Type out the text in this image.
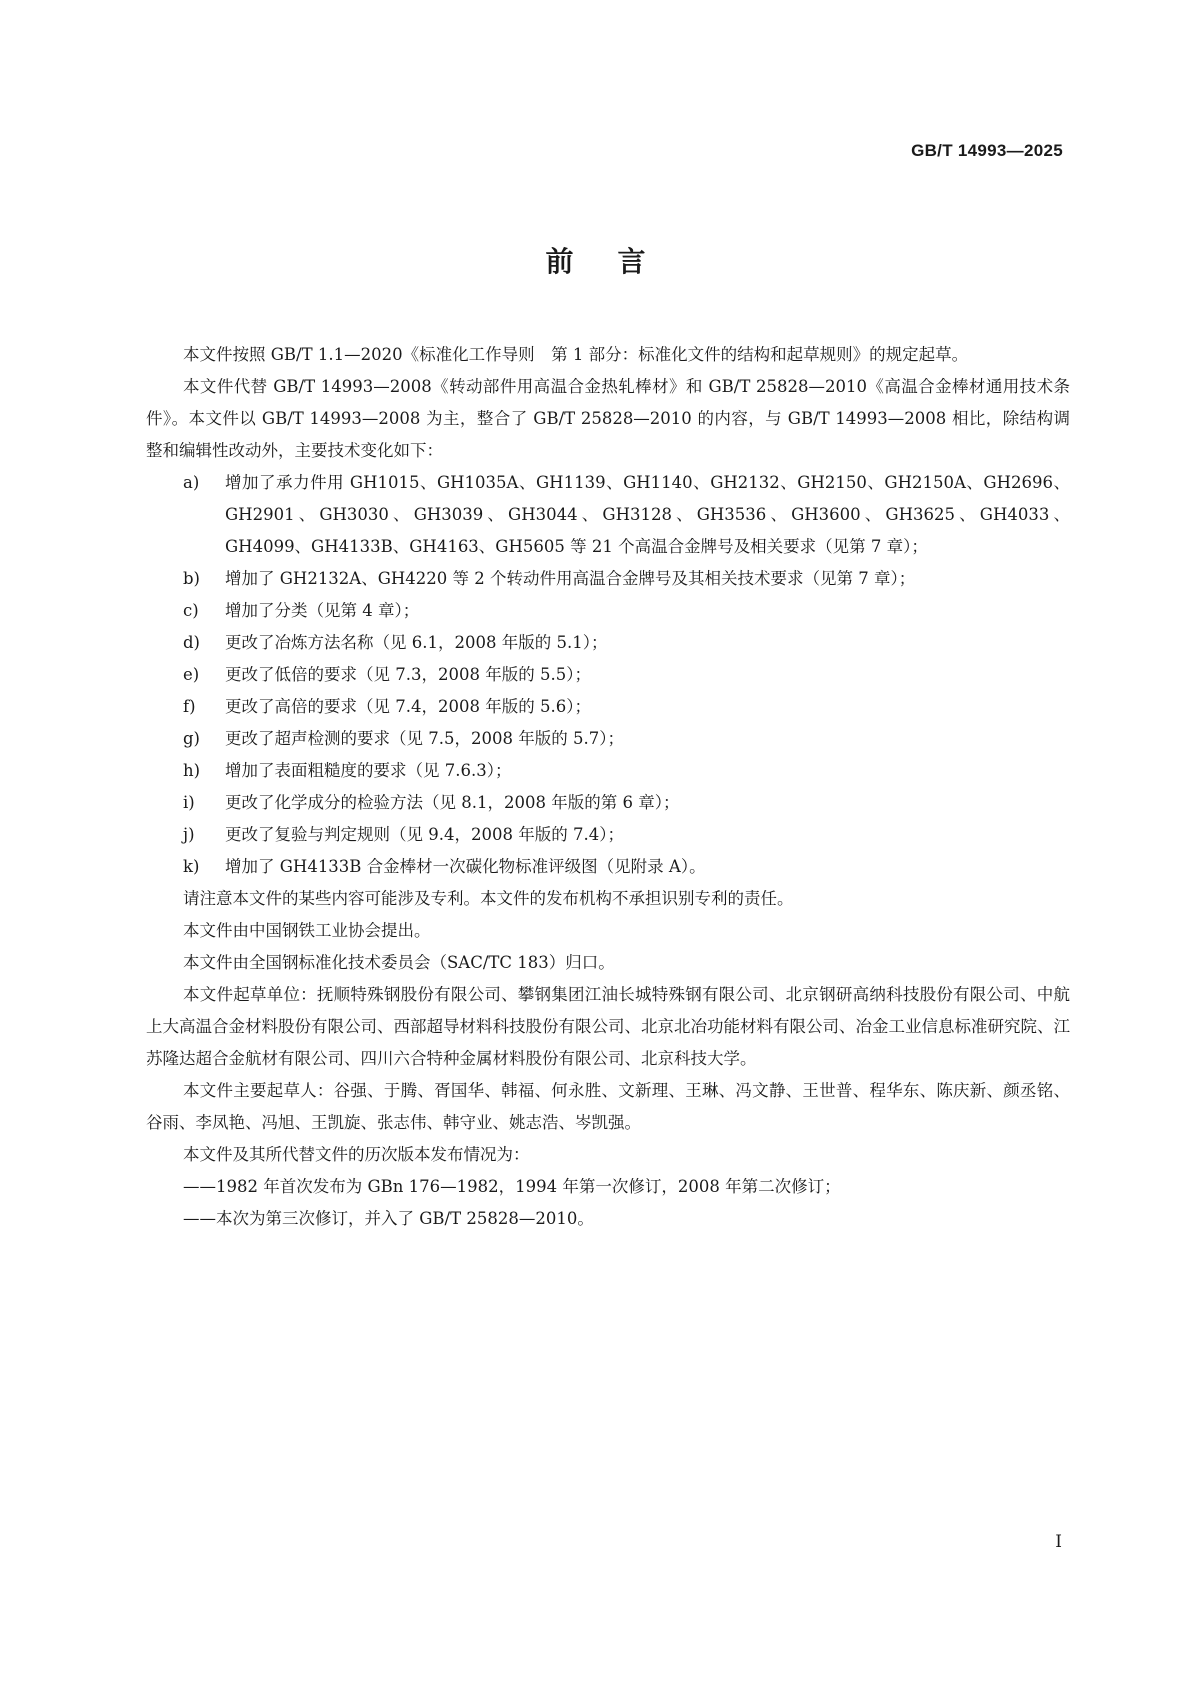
GB/T 14993—2025
前言

本文件按照 GB/T 1.1—2020《标准化工作导则　第 1 部分：标准化文件的结构和起草规则》的规定起草。

本文件代替 GB/T 14993—2008《转动部件用高温合金热轧棒材》和 GB/T 25828—2010《高温合金棒材通用技术条件》。本文件以 GB/T 14993—2008 为主，整合了 GB/T 25828—2010 的内容，与 GB/T 14993—2008 相比，除结构调整和编辑性改动外，主要技术变化如下：

a) 增加了承力件用 GH1015、GH1035A、GH1139、GH1140、GH2132、GH2150、GH2150A、GH2696、GH2901、GH3030、GH3039、GH3044、GH3128、GH3536、GH3600、GH3625、GH4033、GH4099、GH4133B、GH4163、GH5605 等 21 个高温合金牌号及相关要求（见第 7 章）；
b) 增加了 GH2132A、GH4220 等 2 个转动件用高温合金牌号及其相关技术要求（见第 7 章）；
c) 增加了分类（见第 4 章）；
d) 更改了冶炼方法名称（见 6.1，2008 年版的 5.1）；
e) 更改了低倍的要求（见 7.3，2008 年版的 5.5）；
f) 更改了高倍的要求（见 7.4，2008 年版的 5.6）；
g) 更改了超声检测的要求（见 7.5，2008 年版的 5.7）；
h) 增加了表面粗糙度的要求（见 7.6.3）；
i) 更改了化学成分的检验方法（见 8.1，2008 年版的第 6 章）；
j) 更改了复验与判定规则（见 9.4，2008 年版的 7.4）；
k) 增加了 GH4133B 合金棒材一次碳化物标准评级图（见附录 A）。

请注意本文件的某些内容可能涉及专利。本文件的发布机构不承担识别专利的责任。

本文件由中国钢铁工业协会提出。

本文件由全国钢标准化技术委员会（SAC/TC 183）归口。

本文件起草单位：抚顺特殊钢股份有限公司、攀钢集团江油长城特殊钢有限公司、北京钢研高纳科技股份有限公司、中航上大高温合金材料股份有限公司、西部超导材料科技股份有限公司、北京北冶功能材料有限公司、冶金工业信息标准研究院、江苏隆达超合金航材有限公司、四川六合特种金属材料股份有限公司、北京科技大学。

本文件主要起草人：谷强、于腾、胥国华、韩福、何永胜、文新理、王琳、冯文静、王世普、程华东、陈庆新、颜丞铭、谷雨、李凤艳、冯旭、王凯旋、张志伟、韩守业、姚志浩、岑凯强。

本文件及其所代替文件的历次版本发布情况为：

——1982 年首次发布为 GBn 176—1982，1994 年第一次修订，2008 年第二次修订；

——本次为第三次修订，并入了 GB/T 25828—2010。

I
